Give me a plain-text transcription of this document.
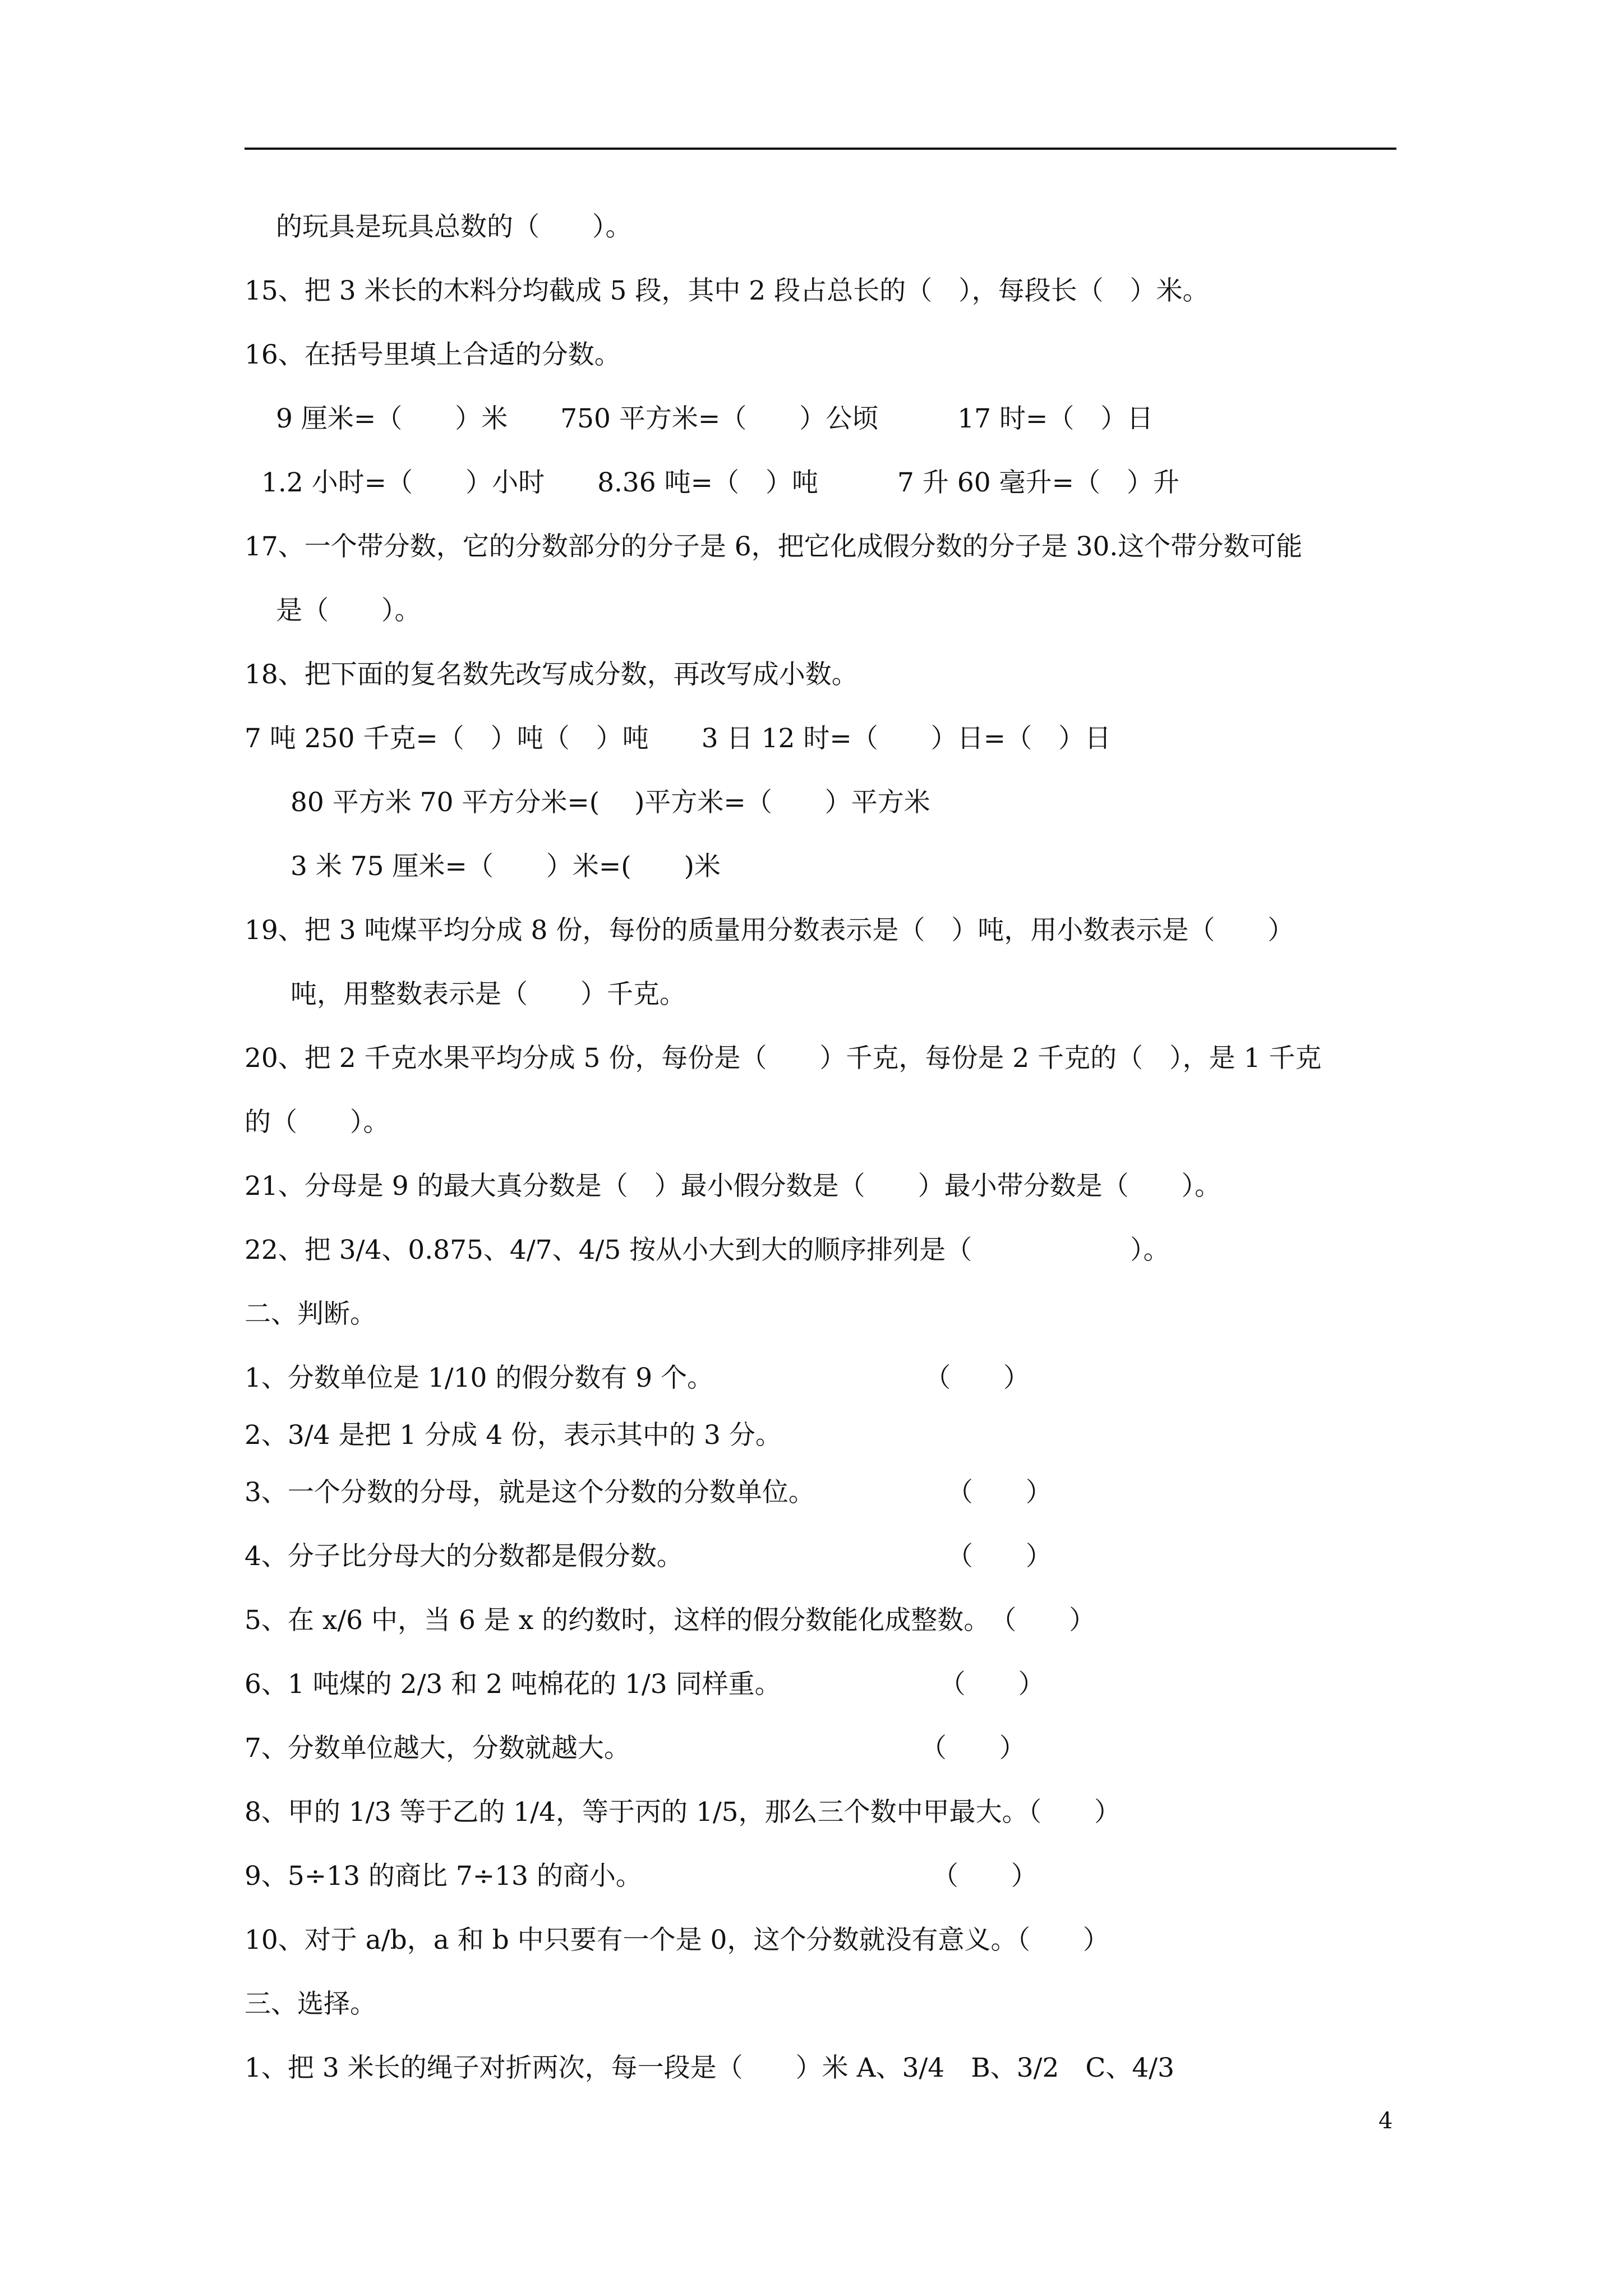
的玩具是玩具总数的（　　）。
15、把 3 米长的木料分均截成 5 段，其中 2 段占总长的（　），每段长（　）米。
16、在括号里填上合适的分数。
9 厘米=（　　）米　　750 平方米=（　　）公顷　　　17 时=（　）日
1.2 小时=（　　）小时　　8.36 吨=（　）吨　　　7 升 60 毫升=（　）升
17、一个带分数，它的分数部分的分子是 6，把它化成假分数的分子是 30.这个带分数可能
是（　　）。
18、把下面的复名数先改写成分数，再改写成小数。
7 吨 250 千克=（　）吨（　）吨　　3 日 12 时=（　　）日=（　）日
80 平方米 70 平方分米=(　 )平方米=（　　）平方米
3 米 75 厘米=（　　）米=(　　)米
19、把 3 吨煤平均分成 8 份，每份的质量用分数表示是（　）吨，用小数表示是（　　）
吨，用整数表示是（　　）千克。
20、把 2 千克水果平均分成 5 份，每份是（　　）千克，每份是 2 千克的（　），是 1 千克
的（　　）。
21、分母是 9 的最大真分数是（　）最小假分数是（　　）最小带分数是（　　）。
22、把 3/4、0.875、4/7、4/5 按从小大到大的顺序排列是（　　　　　　）。
二、判断。
1、分数单位是 1/10 的假分数有 9 个。　　　　　　　　　（　　）
2、3/4 是把 1 分成 4 份，表示其中的 3 分。
3、一个分数的分母，就是这个分数的分数单位。　　　　　　（　　）
4、分子比分母大的分数都是假分数。　　　　　　　　　　　（　　）
5、在 x/6 中，当 6 是 x 的约数时，这样的假分数能化成整数。　（　　）
6、1 吨煤的 2/3 和 2 吨棉花的 1/3 同样重。　　　　　　　（　　）
7、分数单位越大，分数就越大。　　　　　　　　　　　　（　　）
8、甲的 1/3 等于乙的 1/4，等于丙的 1/5，那么三个数中甲最大。（　　）
9、5÷13 的商比 7÷13 的商小。　　　　　　　　　　　　（　　）
10、对于 a/b，a 和 b 中只要有一个是 0，这个分数就没有意义。（　　）
三、选择。
1、把 3 米长的绳子对折两次，每一段是（　　）米 A、3/4　B、3/2　C、4/3
4
